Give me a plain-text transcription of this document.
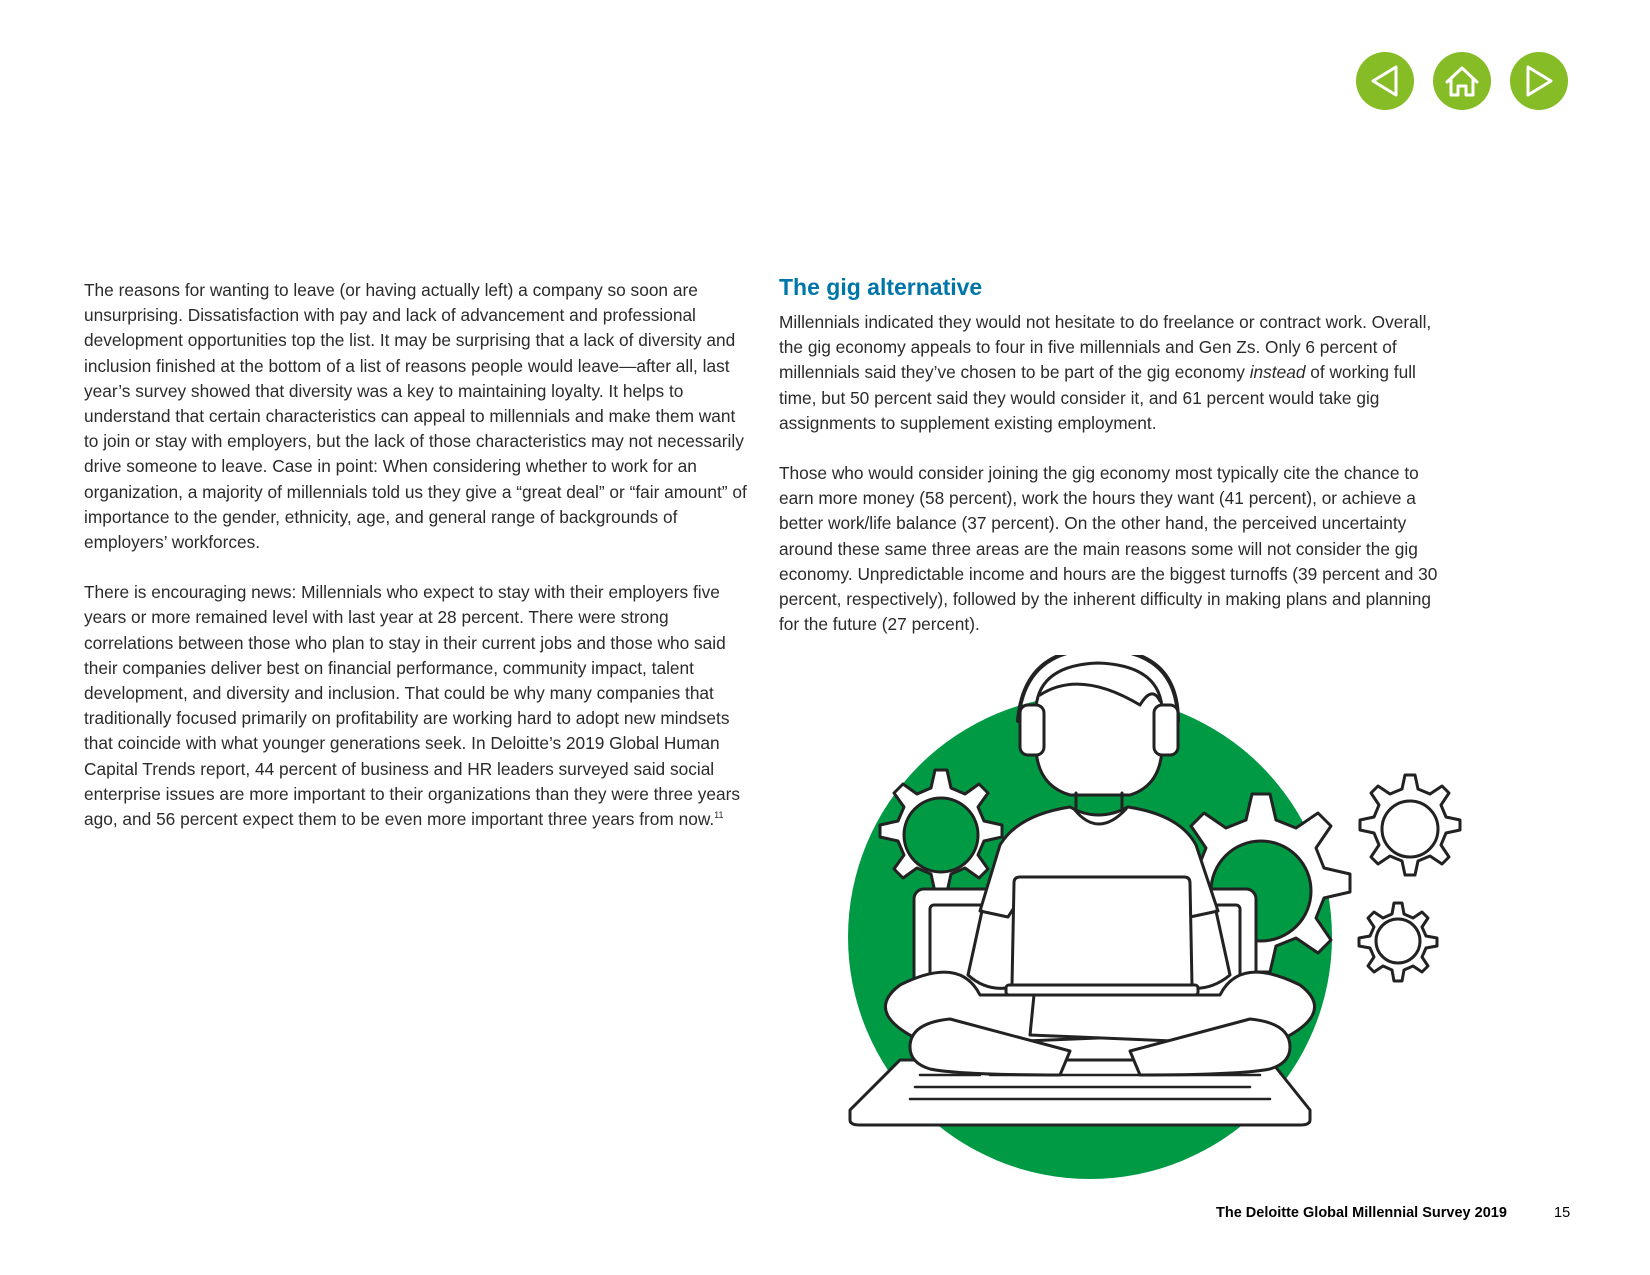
The reasons for wanting to leave (or having actually left) a company so soon are unsurprising. Dissatisfaction with pay and lack of advancement and professional development opportunities top the list. It may be surprising that a lack of diversity and inclusion finished at the bottom of a list of reasons people would leave—after all, last year’s survey showed that diversity was a key to maintaining loyalty. It helps to understand that certain characteristics can appeal to millennials and make them want to join or stay with employers, but the lack of those characteristics may not necessarily drive someone to leave. Case in point: When considering whether to work for an organization, a majority of millennials told us they give a “great deal” or “fair amount” of importance to the gender, ethnicity, age, and general range of backgrounds of employers’ workforces.

There is encouraging news: Millennials who expect to stay with their employers five years or more remained level with last year at 28 percent. There were strong correlations between those who plan to stay in their current jobs and those who said their companies deliver best on financial performance, community impact, talent development, and diversity and inclusion. That could be why many companies that traditionally focused primarily on profitability are working hard to adopt new mindsets that coincide with what younger generations seek. In Deloitte’s 2019 Global Human Capital Trends report, 44 percent of business and HR leaders surveyed said social enterprise issues are more important to their organizations than they were three years ago, and 56 percent expect them to be even more important three years from now.$^{11}$

The gig alternative

Millennials indicated they would not hesitate to do freelance or contract work. Overall, the gig economy appeals to four in five millennials and Gen Zs. Only 6 percent of millennials said they’ve chosen to be part of the gig economy instead of working full time, but 50 percent said they would consider it, and 61 percent would take gig assignments to supplement existing employment.

Those who would consider joining the gig economy most typically cite the chance to earn more money (58 percent), work the hours they want (41 percent), or achieve a better work/life balance (37 percent). On the other hand, the perceived uncertainty around these same three areas are the main reasons some will not consider the gig economy. Unpredictable income and hours are the biggest turnoffs (39 percent and 30 percent, respectively), followed by the inherent difficulty in making plans and planning for the future (27 percent).

The Deloitte Global Millennial Survey 2019	15
